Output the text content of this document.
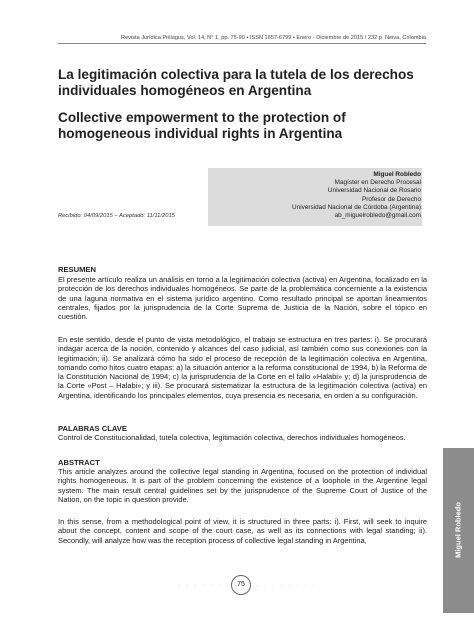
Revista Jurídica Piélagus, Vol. 14, N° 1, pp. 75-90 • ISSN 1657-6799 • Enero - Diciembre de 2015 / 232 p. Neiva, Colombia
La legitimación colectiva para la tutela de los derechos individuales homogéneos en Argentina
Collective empowerment to the protection of homogeneous individual rights in Argentina
Miguel Robledo
Magíster en Derecho Procesal
Universidad Nacional de Rosario
Profesor de Derecho
Universidad Nacional de Córdoba (Argentina)
ab_miguelrobledo@gmail.com
Recibido: 04/09/2015 – Aceptado: 11/11/2015
RESUMEN
El presente artículo realiza un análisis en torno a la legitimación colectiva (activa) en Argentina, focalizado en la protección de los derechos individuales homogéneos. Se parte de la problemática concerniente a la existencia de una laguna normativa en el sistema jurídico argentino. Como resultado principal se aportan lineamientos centrales, fijados por la jurisprudencia de la Corte Suprema de Justicia de la Nación, sobre el tópico en cuestión.
En este sentido, desde el punto de vista metodológico, el trabajo se estructura en tres partes: i). Se procurará indagar acerca de la noción, contenido y alcances del caso judicial, así también como sus conexiones con la legitimación; ii). Se analizará cómo ha sido el proceso de recepción de la legitimación colectiva en Argentina, tomando como hitos cuatro etapas: a) la situación anterior a la reforma constitucional de 1994, b) la Reforma de la Constitución Nacional de 1994; c) la jurisprudencia de la Corte en el fallo «Halabi» y; d) la jurisprudencia de la Corte «Post – Halabi»; y iii). Se procurará sistematizar la estructura de la legitimación colectiva (activa) en Argentina, identificando los principales elementos, cuya presencia es necesaria, en orden a su configuración.
PALABRAS CLAVE
Control de Constitucionalidad, tutela colectiva, legitimación colectiva, derechos individuales homogéneos.
ABSTRACT
This article analyzes around the collective legal standing in Argentina, focused on the protection of individual rights homogeneous. It is part of the problem concerning the existence of a loophole in the Argentine legal system. The main result central guidelines set by the jurisprudence of the Supreme Court of Justice of the Nation, on the topic in question provide.
In this sense, from a methodological point of view, it is structured in three parts: i). First, will seek to inquire about the concept, content and scope of the court case, as well as its connections with legal standing; ii). Secondly, will analyze how was the reception process of collective legal standing in Argentina,	Miguel Robledo
· · · · · · · ·
75	· · · · · · · ·
